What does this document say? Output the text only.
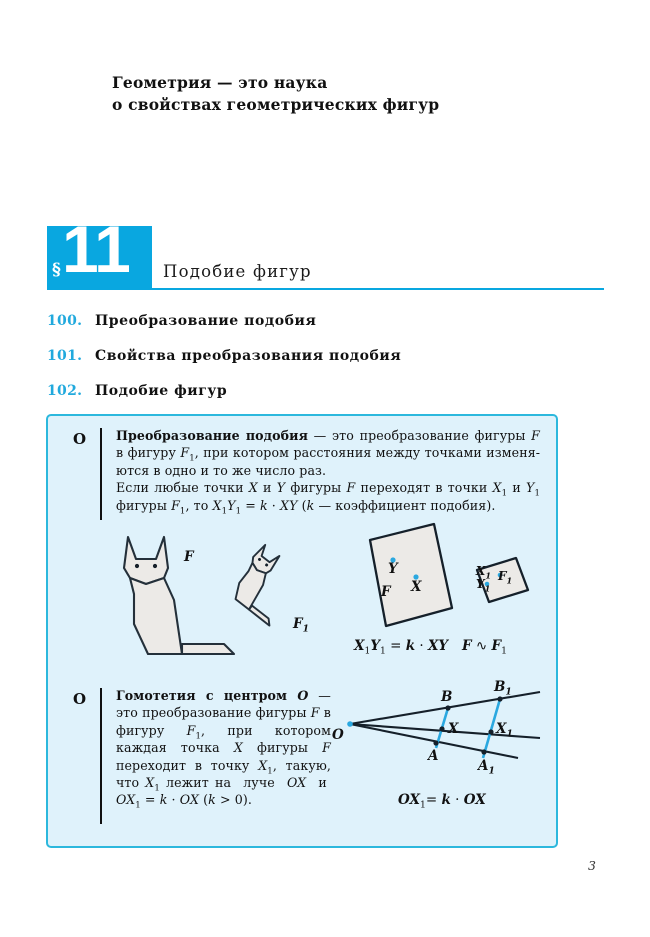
Геометрия — это наука
о свойствах геометрических фигур
§ 11 Подобие фигур
100. Преобразование подобия
101. Свойства преобразования подобия
102. Подобие фигур
О Преобразование подобия — это преобразование фигуры F в фигуру $F_1$, при котором расстояния между точками изменяются в одно и то же число раз.
Если любые точки X и Y фигуры F переходят в точки $X_1$ и $Y_1$ фигуры $F_1$, то $X_1Y_1 = k$ · XY (k — коэффициент подобия).
F
$F_1$
Y
X
F
$X_1$
$Y_1$
$F_1$
$X_1Y_1 = k$ · XY F ∿ $F_1$
О Гомотетия с центром O — это преобразование фигуры F в фигуру $F_1$, при котором каждая точка X фигуры F переходит в точку $X_1$, такую, что $X_1$ лежит на  луче  OX  и  $OX_1 = k$ · OX (k > 0).
O
B
$B_1$
X	$X_1$
A
$A_1$
$OX_1= k$ · OX
3
